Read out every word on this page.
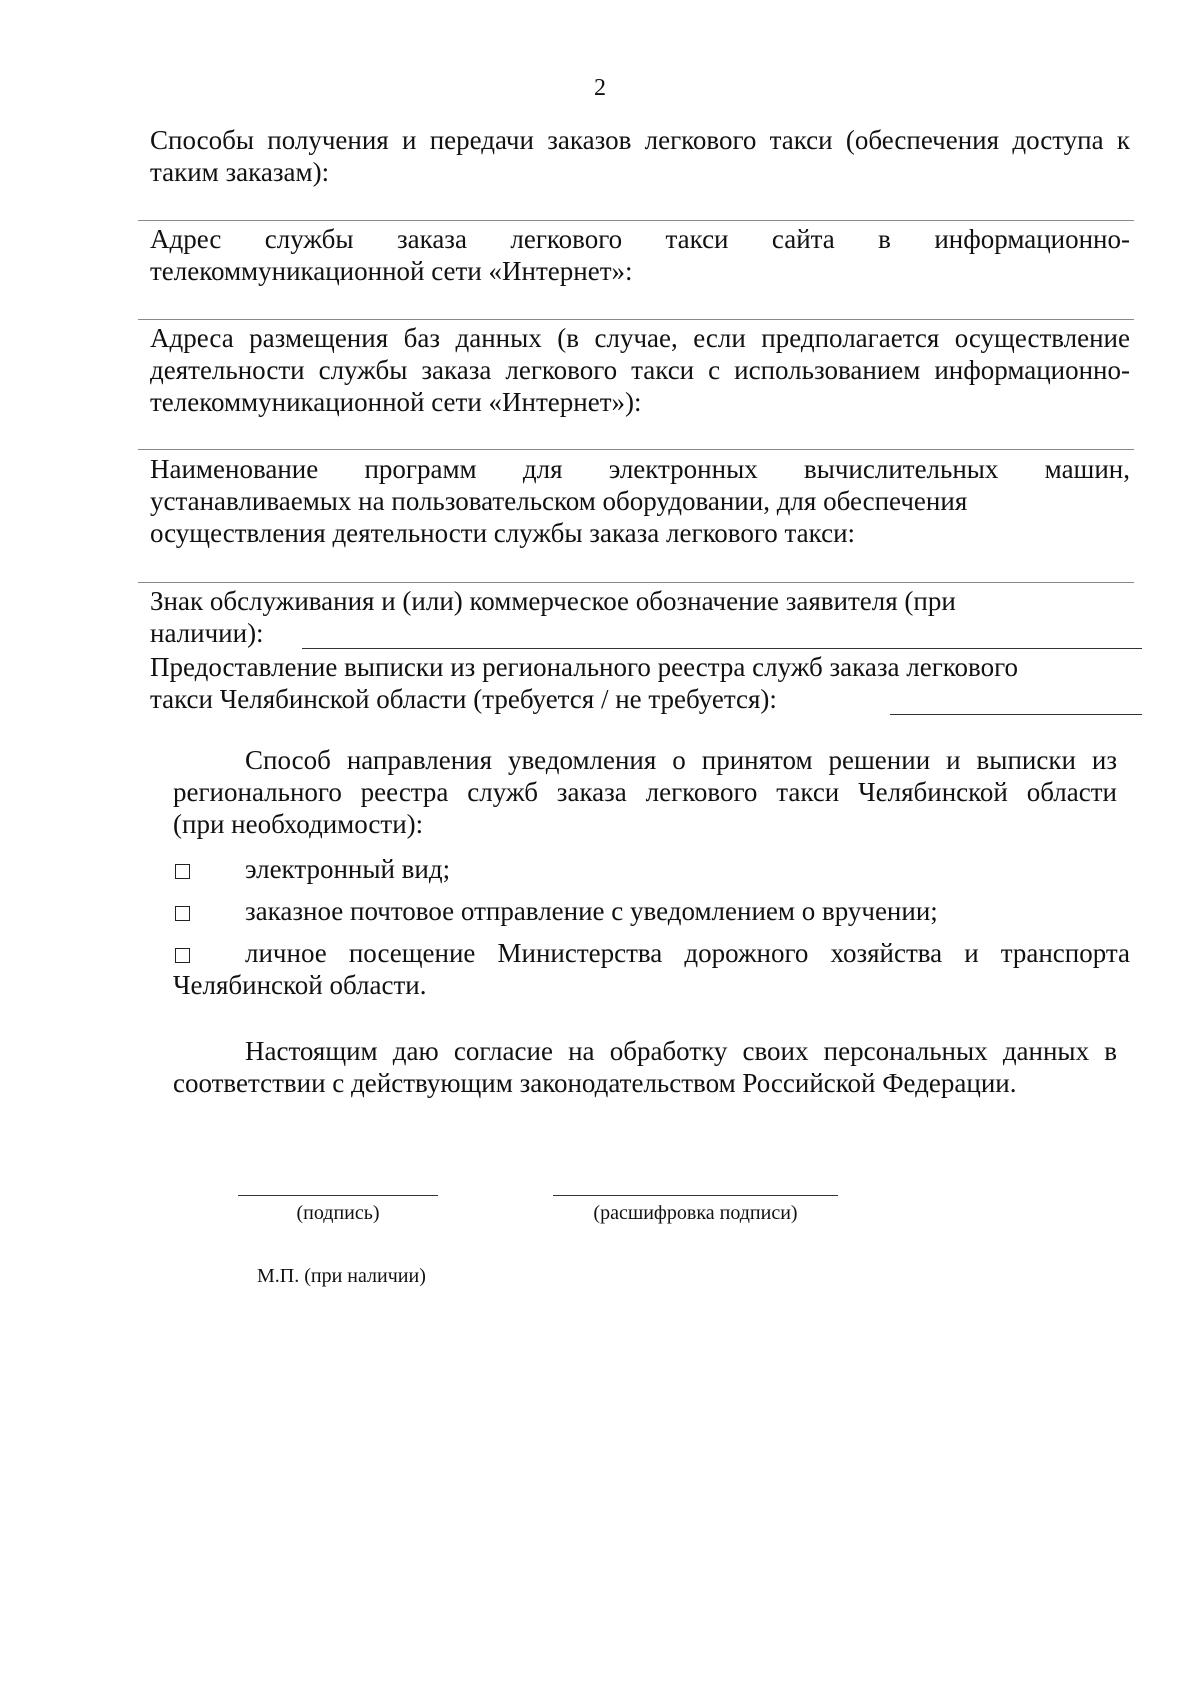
2
Способы получения и передачи заказов легкового такси (обеспечения доступа к
таким заказам):
Адрес службы заказа легкового такси сайта в информационно-
телекоммуникационной сети «Интернет»:
Адреса размещения баз данных (в случае, если предполагается осуществление
деятельности службы заказа легкового такси с использованием информационно-
телекоммуникационной сети «Интернет»):
Наименование программ для электронных вычислительных машин,
устанавливаемых на пользовательском оборудовании, для обеспечения
осуществления деятельности службы заказа легкового такси:
Знак обслуживания и (или) коммерческое обозначение заявителя (при
наличии):
Предоставление выписки из регионального реестра служб заказа легкового
такси Челябинской области (требуется / не требуется):
Способ направления уведомления о принятом решении и выписки из
регионального реестра служб заказа легкового такси Челябинской области
(при необходимости):
электронный вид;
заказное почтовое отправление с уведомлением о вручении;
личное посещение Министерства дорожного хозяйства и транспорта
Челябинской области.
Настоящим даю согласие на обработку своих персональных данных в
соответствии с действующим законодательством Российской Федерации.
(подпись)	(расшифровка подписи)
М.П. (при наличии)
